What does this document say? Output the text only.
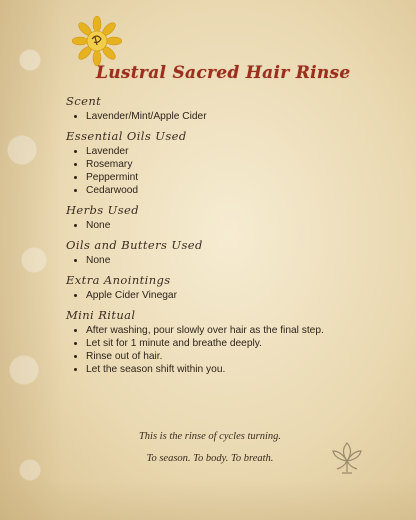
Lustral Sacred Hair Rinse
Scent
• Lavender/Mint/Apple Cider
Essential Oils Used
• Lavender
• Rosemary
• Peppermint
• Cedarwood
Herbs Used
• None
Oils and Butters Used
• None
Extra Anointings
• Apple Cider Vinegar
Mini Ritual
• After washing, pour slowly over hair as the final step.
• Let sit for 1 minute and breathe deeply.
• Rinse out of hair.
• Let the season shift within you.
This is the rinse of cycles turning.
To season. To body. To breath.
